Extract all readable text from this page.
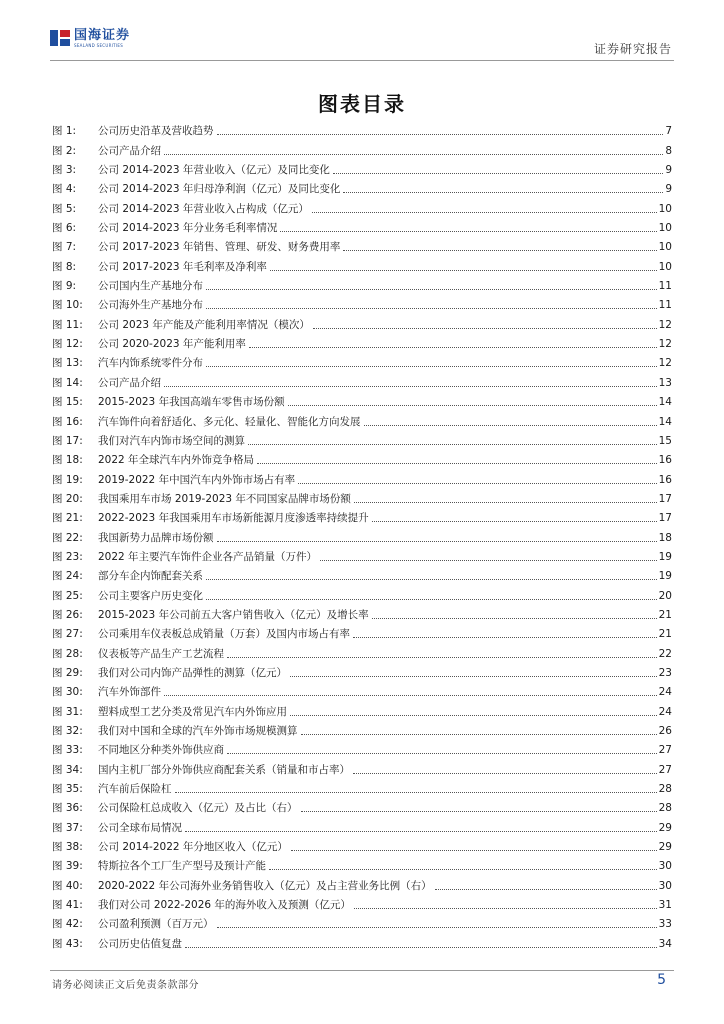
国海证券
SEALAND SECURITIES	证券研究报告
图表目录
图 1:	公司历史沿革及营收趋势	7
图 2:	公司产品介绍	8
图 3:	公司 2014-2023 年营业收入（亿元）及同比变化	9
图 4:	公司 2014-2023 年归母净利润（亿元）及同比变化	9
图 5:	公司 2014-2023 年营业收入占构成（亿元）	10
图 6:	公司 2014-2023 年分业务毛利率情况	10
图 7:	公司 2017-2023 年销售、管理、研发、财务费用率	10
图 8:	公司 2017-2023 年毛利率及净利率	10
图 9:	公司国内生产基地分布	11
图 10:	公司海外生产基地分布	11
图 11:	公司 2023 年产能及产能利用率情况（模次）	12
图 12:	公司 2020-2023 年产能利用率	12
图 13:	汽车内饰系统零件分布	12
图 14:	公司产品介绍	13
图 15:	2015-2023 年我国高端车零售市场份额	14
图 16:	汽车饰件向着舒适化、多元化、轻量化、智能化方向发展	14
图 17:	我们对汽车内饰市场空间的测算	15
图 18:	2022 年全球汽车内外饰竞争格局	16
图 19:	2019-2022 年中国汽车内外饰市场占有率	16
图 20:	我国乘用车市场 2019-2023 年不同国家品牌市场份额	17
图 21:	2022-2023 年我国乘用车市场新能源月度渗透率持续提升	17
图 22:	我国新势力品牌市场份额	18
图 23:	2022 年主要汽车饰件企业各产品销量（万件）	19
图 24:	部分车企内饰配套关系	19
图 25:	公司主要客户历史变化	20
图 26:	2015-2023 年公司前五大客户销售收入（亿元）及增长率	21
图 27:	公司乘用车仪表板总成销量（万套）及国内市场占有率	21
图 28:	仪表板等产品生产工艺流程	22
图 29:	我们对公司内饰产品弹性的测算（亿元）	23
图 30:	汽车外饰部件	24
图 31:	塑料成型工艺分类及常见汽车内外饰应用	24
图 32:	我们对中国和全球的汽车外饰市场规模测算	26
图 33:	不同地区分种类外饰供应商	27
图 34:	国内主机厂部分外饰供应商配套关系（销量和市占率）	27
图 35:	汽车前后保险杠	28
图 36:	公司保险杠总成收入（亿元）及占比（右）	28
图 37:	公司全球布局情况	29
图 38:	公司 2014-2022 年分地区收入（亿元）	29
图 39:	特斯拉各个工厂生产型号及预计产能	30
图 40:	2020-2022 年公司海外业务销售收入（亿元）及占主营业务比例（右）	30
图 41:	我们对公司 2022-2026 年的海外收入及预测（亿元）	31
图 42:	公司盈利预测（百万元）	33
图 43:	公司历史估值复盘	34
请务必阅读正文后免责条款部分	5
